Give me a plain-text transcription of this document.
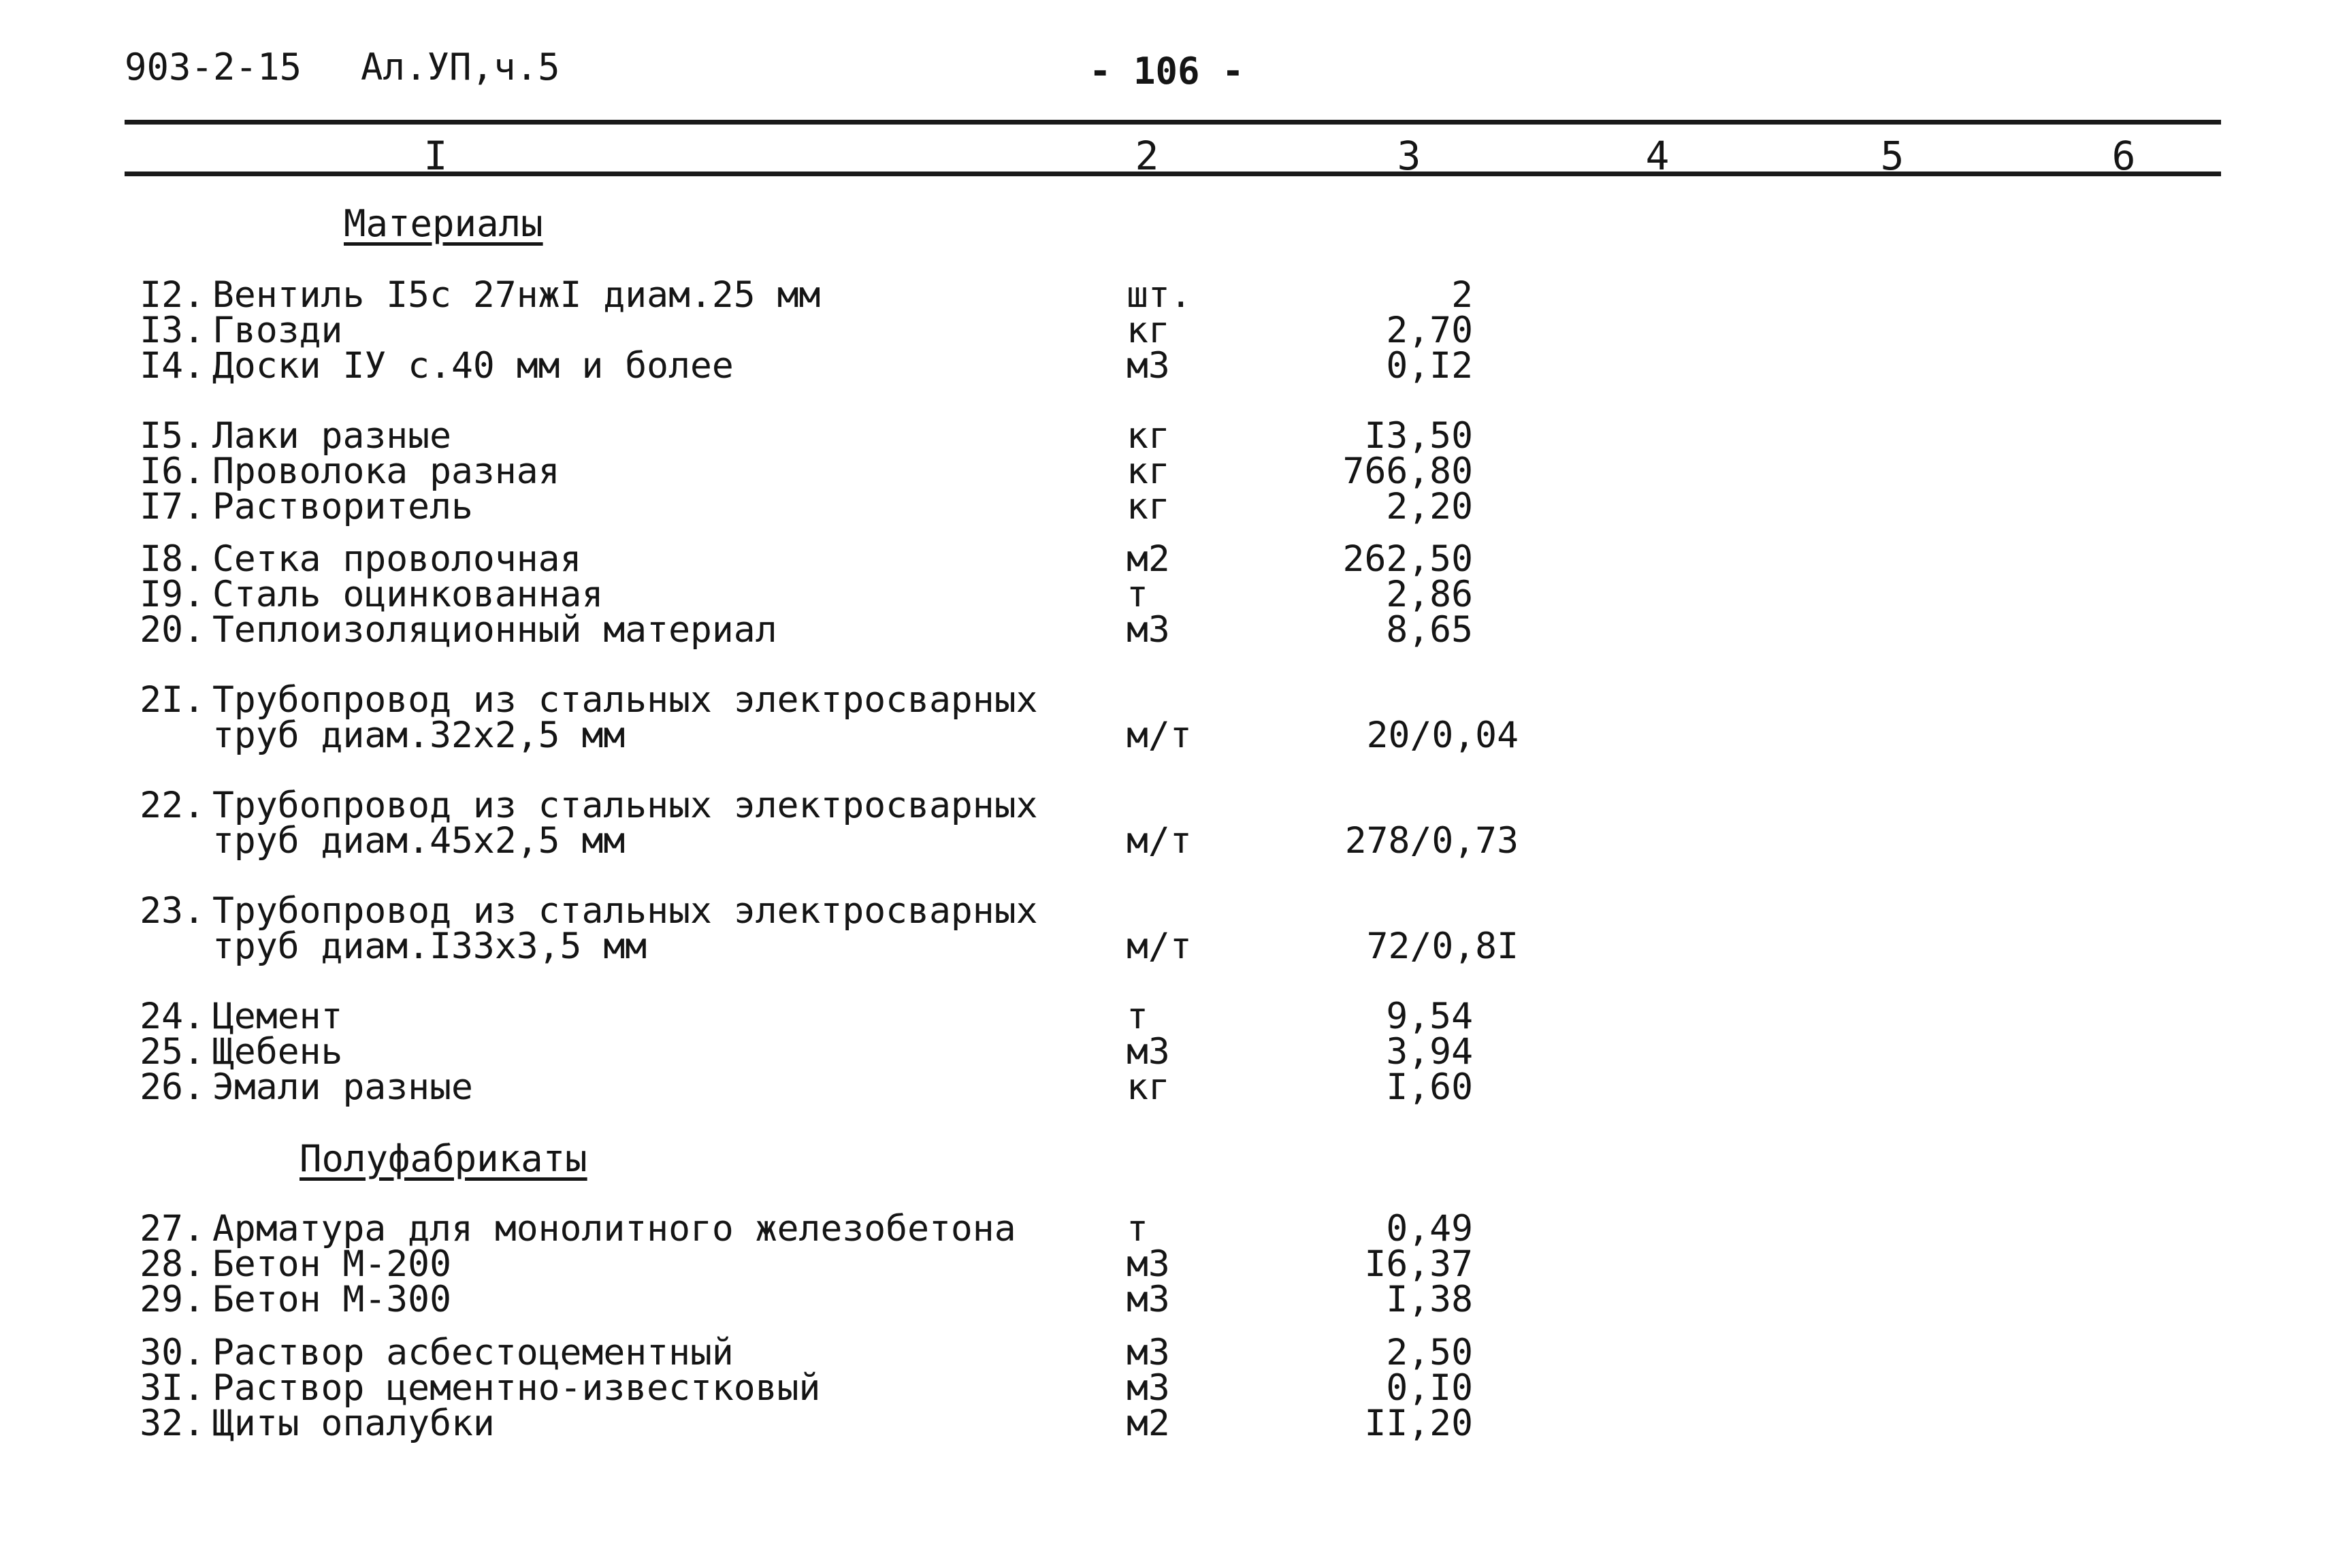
903-2-15 Ал.УП,ч.5	- 106 -
I	2	3	4	5	6
Материалы
I2. Вентиль I5с 27нжI диам.25 мм	шт.	2
I3. Гвозди	кг	2,70
I4. Доски IУ с.40 мм и более	м3	0,I2
I5. Лаки разные	кг	I3,50
I6. Проволока разная	кг	766,80
I7. Растворитель	кг	2,20
I8. Сетка проволочная	м2	262,50
I9. Сталь оцинкованная	т	2,86
20. Теплоизоляционный материал	м3	8,65
2I. Трубопровод из стальных электросварных
труб диам.32х2,5 мм	м/т	20/0,04
22. Трубопровод из стальных электросварных
труб диам.45х2,5 мм	м/т	278/0,73
23. Трубопровод из стальных электросварных
труб диам.I33х3,5 мм	м/т	72/0,8I
24. Цемент	т	9,54
25. Щебень	м3	3,94
26. Эмали разные	кг	I,60
Полуфабрикаты
27. Арматура для монолитного железобетона	т	0,49
28. Бетон М-200	м3	I6,37
29. Бетон М-300	м3	I,38
30. Раствор асбестоцементный	м3	2,50
3I. Раствор цементно-известковый	м3	0,I0
32. Щиты опалубки	м2	II,20
